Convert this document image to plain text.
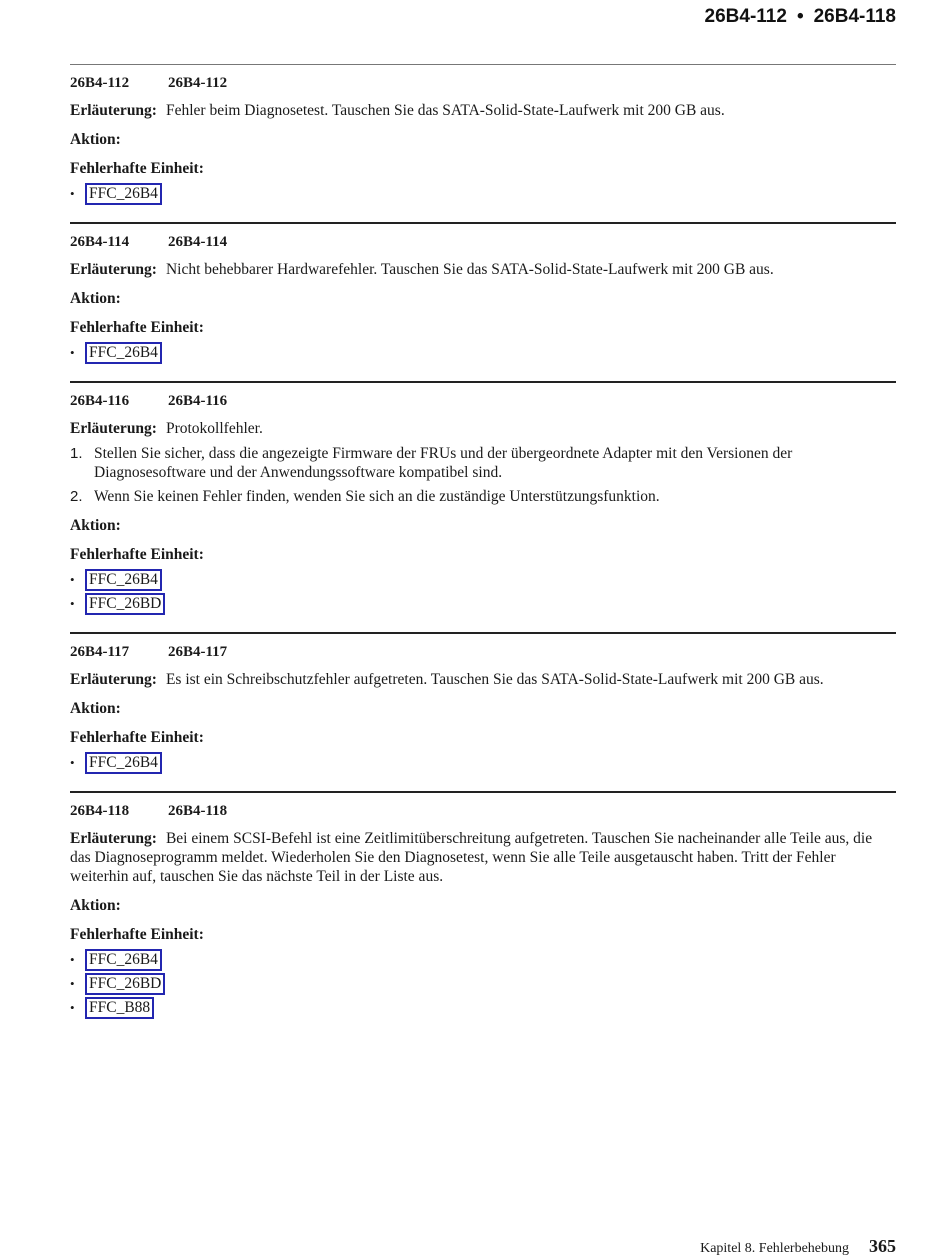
26B4-112 • 26B4-118
26B4-112	26B4-112
Erläuterung: Fehler beim Diagnosetest. Tauschen Sie das SATA-Solid-State-Laufwerk mit 200 GB aus.
Aktion:
Fehlerhafte Einheit:
• FFC_26B4
26B4-114	26B4-114
Erläuterung: Nicht behebbarer Hardwarefehler. Tauschen Sie das SATA-Solid-State-Laufwerk mit 200 GB aus.
Aktion:
Fehlerhafte Einheit:
• FFC_26B4
26B4-116	26B4-116
Erläuterung: Protokollfehler.
1. Stellen Sie sicher, dass die angezeigte Firmware der FRUs und der übergeordnete Adapter mit den Versionen der Diagnosesoftware und der Anwendungssoftware kompatibel sind.
2. Wenn Sie keinen Fehler finden, wenden Sie sich an die zuständige Unterstützungsfunktion.
Aktion:
Fehlerhafte Einheit:
• FFC_26B4
• FFC_26BD
26B4-117	26B4-117
Erläuterung: Es ist ein Schreibschutzfehler aufgetreten. Tauschen Sie das SATA-Solid-State-Laufwerk mit 200 GB aus.
Aktion:
Fehlerhafte Einheit:
• FFC_26B4
26B4-118	26B4-118
Erläuterung: Bei einem SCSI-Befehl ist eine Zeitlimitüberschreitung aufgetreten. Tauschen Sie nacheinander alle Teile aus, die das Diagnoseprogramm meldet. Wiederholen Sie den Diagnosetest, wenn Sie alle Teile ausgetauscht haben. Tritt der Fehler weiterhin auf, tauschen Sie das nächste Teil in der Liste aus.
Aktion:
Fehlerhafte Einheit:
• FFC_26B4
• FFC_26BD
• FFC_B88
Kapitel 8. Fehlerbehebung 365
